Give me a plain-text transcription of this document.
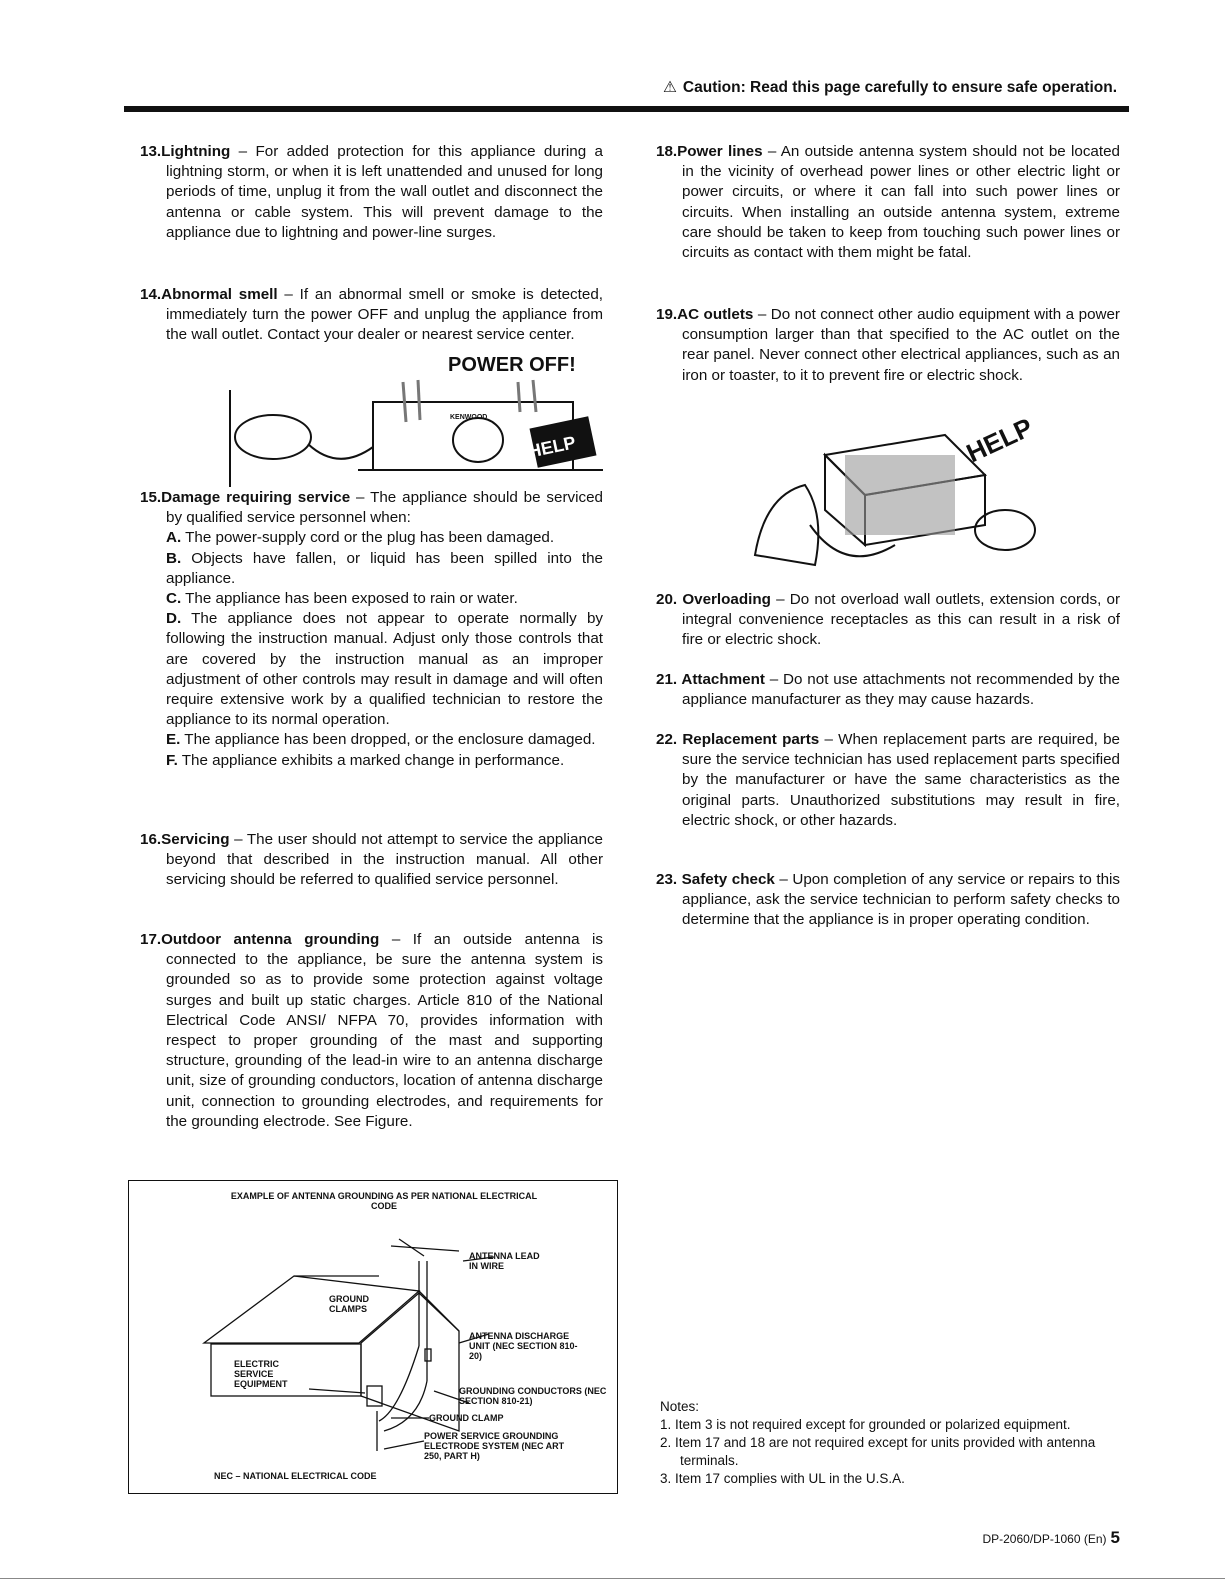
⚠ Caution: Read this page carefully to ensure safe operation.
13.Lightning – For added protection for this appliance during a lightning storm, or when it is left unattended and unused for long periods of time, unplug it from the wall outlet and disconnect the antenna or cable system. This will prevent damage to the appliance due to lightning and power-line surges.
14.Abnormal smell – If an abnormal smell or smoke is detected, immediately turn the power OFF and unplug the appliance from the wall outlet. Contact your dealer or nearest service center.
POWER OFF!
KENWOOD
HELP
15.Damage requiring service – The appliance should be serviced by qualified service personnel when:
A. The power-supply cord or the plug has been damaged.
B. Objects have fallen, or liquid has been spilled into the appliance.
C. The appliance has been exposed to rain or water.
D. The appliance does not appear to operate normally by following the instruction manual. Adjust only those controls that are covered by the instruction manual as an improper adjustment of other controls may result in damage and will often require extensive work by a qualified technician to restore the appliance to its normal operation.
E. The appliance has been dropped, or the enclosure damaged.
F. The appliance exhibits a marked change in performance.
16.Servicing – The user should not attempt to service the appliance beyond that described in the instruction manual. All other servicing should be referred to qualified service personnel.
17.Outdoor antenna grounding – If an outside antenna is connected to the appliance, be sure the antenna system is grounded so as to provide some protection against voltage surges and built up static charges. Article 810 of the National Electrical Code ANSI/ NFPA 70, provides information with respect to proper grounding of the mast and supporting structure, grounding of the lead-in wire to an antenna discharge unit, size of grounding conductors, location of antenna discharge unit, connection to grounding electrodes, and requirements for the grounding electrode. See Figure.
EXAMPLE OF ANTENNA GROUNDING AS PER NATIONAL ELECTRICAL CODE
ANTENNA LEAD IN WIRE
GROUND CLAMPS
ANTENNA DISCHARGE UNIT (NEC SECTION 810-20)
ELECTRIC SERVICE EQUIPMENT
GROUNDING CONDUCTORS (NEC SECTION 810-21)
GROUND CLAMP
POWER SERVICE GROUNDING ELECTRODE SYSTEM (NEC ART 250, PART H)
NEC – NATIONAL ELECTRICAL CODE
18.Power lines – An outside antenna system should not be located in the vicinity of overhead power lines or other electric light or power circuits, or where it can fall into such power lines or circuits. When installing an outside antenna system, extreme care should be taken to keep from touching such power lines or circuits as contact with them might be fatal.
19.AC outlets – Do not connect other audio equipment with a power consumption larger than that specified to the AC outlet on the rear panel. Never connect other electrical appliances, such as an iron or toaster, to it to prevent fire or electric shock.
HELP
20. Overloading – Do not overload wall outlets, extension cords, or integral convenience receptacles as this can result in a risk of fire or electric shock.
21. Attachment – Do not use attachments not recommended by the appliance manufacturer as they may cause hazards.
22. Replacement parts – When replacement parts are required, be sure the service technician has used replacement parts specified by the manufacturer or have the same characteristics as the original parts. Unauthorized substitutions may result in fire, electric shock, or other hazards.
23. Safety check – Upon completion of any service or repairs to this appliance, ask the service technician to perform safety checks to determine that the appliance is in proper operating condition.
Notes:
1. Item 3 is not required except for grounded or polarized equipment.
2. Item 17 and 18 are not required except for units provided with antenna terminals.
3. Item 17 complies with UL in the U.S.A.
DP-2060/DP-1060 (En) 5
